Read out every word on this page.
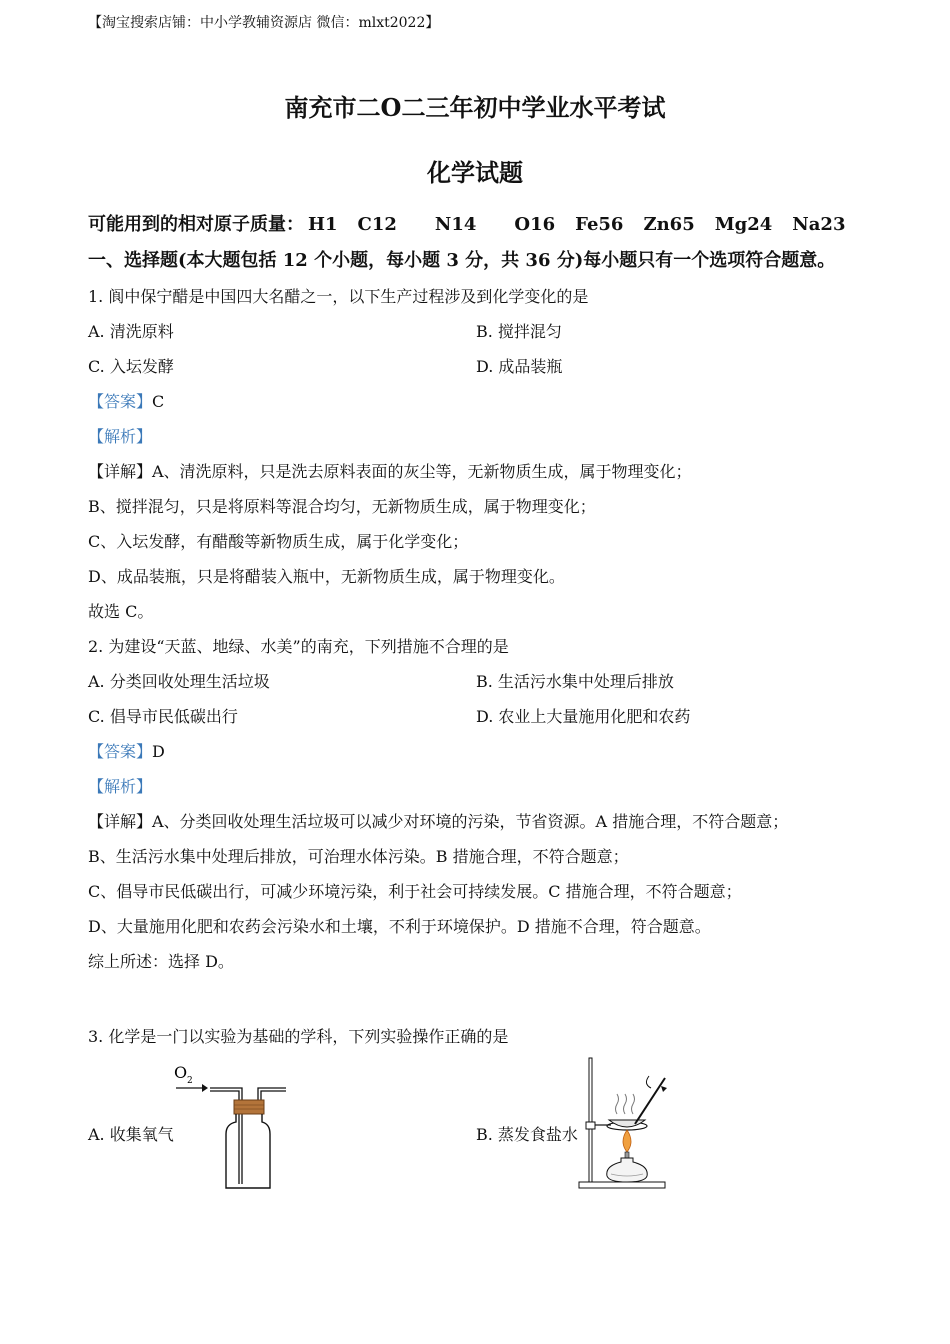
【淘宝搜索店铺：中小学教辅资源店 微信：mlxt2022】
南充市二O二三年初中学业水平考试
化学试题
可能用到的相对原子质量： H1 C12 N14 O16 Fe56 Zn65 Mg24 Na23
一、选择题(本大题包括 12 个小题，每小题 3 分，共 36 分)每小题只有一个选项符合题意。
1. 阆中保宁醋是中国四大名醋之一，以下生产过程涉及到化学变化的是
A. 清洗原料	B. 搅拌混匀
C. 入坛发酵	D. 成品装瓶
【答案】C
【解析】
【详解】A、清洗原料，只是洗去原料表面的灰尘等，无新物质生成，属于物理变化；
B、搅拌混匀，只是将原料等混合均匀，无新物质生成，属于物理变化；
C、入坛发酵，有醋酸等新物质生成，属于化学变化；
D、成品装瓶，只是将醋装入瓶中，无新物质生成，属于物理变化。
故选 C。
2. 为建设“天蓝、地绿、水美”的南充，下列措施不合理的是
A. 分类回收处理生活垃圾	B. 生活污水集中处理后排放
C. 倡导市民低碳出行	D. 农业上大量施用化肥和农药
【答案】D
【解析】
【详解】A、分类回收处理生活垃圾可以减少对环境的污染，节省资源。A 措施合理，不符合题意；
B、生活污水集中处理后排放，可治理水体污染。B 措施合理，不符合题意；
C、倡导市民低碳出行，可减少环境污染，利于社会可持续发展。C 措施合理，不符合题意；
D、大量施用化肥和农药会污染水和土壤，不利于环境保护。D 措施不合理，符合题意。
综上所述：选择 D。
3. 化学是一门以实验为基础的学科，下列实验操作正确的是
A. 收集氧气	B. 蒸发食盐水
O 2
